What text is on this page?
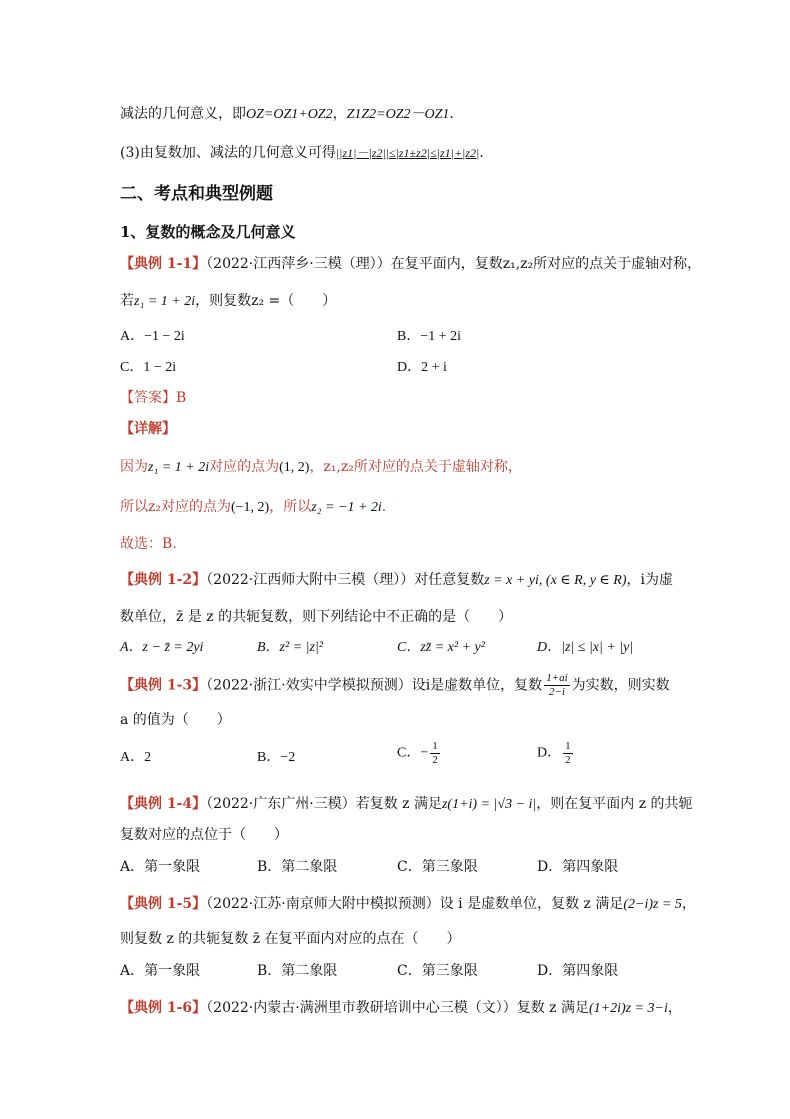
减法的几何意义，即OZ=OZ1+OZ2，Z1Z2=OZ2－OZ1.
(3)由复数加、减法的几何意义可得||z1|－|z2||≤|z1±z2|≤|z1|+|z2|.
二、考点和典型例题
1、复数的概念及几何意义
【典例 1-1】（2022·江西萍乡·三模（理））在复平面内，复数z₁,z₂所对应的点关于虚轴对称，
若z₁ = 1 + 2i，则复数z₂ =（　　）
A．−1 − 2i	B．−1 + 2i
C．1 − 2i	D．2 + i
【答案】B
【详解】
因为z₁ = 1 + 2i对应的点为(1, 2)，z₁,z₂所对应的点关于虚轴对称，
所以z₂对应的点为(−1, 2)，所以z₂ = −1 + 2i.
故选：B.
【典例 1-2】（2022·江西师大附中三模（理））对任意复数z = x + yi, (x ∈ R, y ∈ R)，i为虚
数单位，z̄ 是 z 的共轭复数，则下列结论中不正确的是（　　）
A．z − z̄ = 2yi	B．z² = |z|²	C．zz̄ = x² + y²	D．|z| ≤ |x| + |y|
【典例 1-3】（2022·浙江·效实中学模拟预测）设i是虚数单位，复数 $\frac{1+ai}{2-i}$ 为实数，则实数
a 的值为（　　）
A．2	B．−2	C．− $\frac{1}{2}$	D． $\frac{1}{2}$
【典例 1-4】（2022·广东广州·三模）若复数 z 满足z(1+i) = |√3 − i|，则在复平面内 z 的共轭
复数对应的点位于（　　）
A．第一象限	B．第二象限	C．第三象限	D．第四象限
【典例 1-5】（2022·江苏·南京师大附中模拟预测）设 i 是虚数单位，复数 z 满足(2−i)z = 5，
则复数 z 的共轭复数 z̄ 在复平面内对应的点在（　　）
A．第一象限	B．第二象限	C．第三象限	D．第四象限
【典例 1-6】（2022·内蒙古·满洲里市教研培训中心三模（文））复数 z 满足(1+2i)z = 3−i，
